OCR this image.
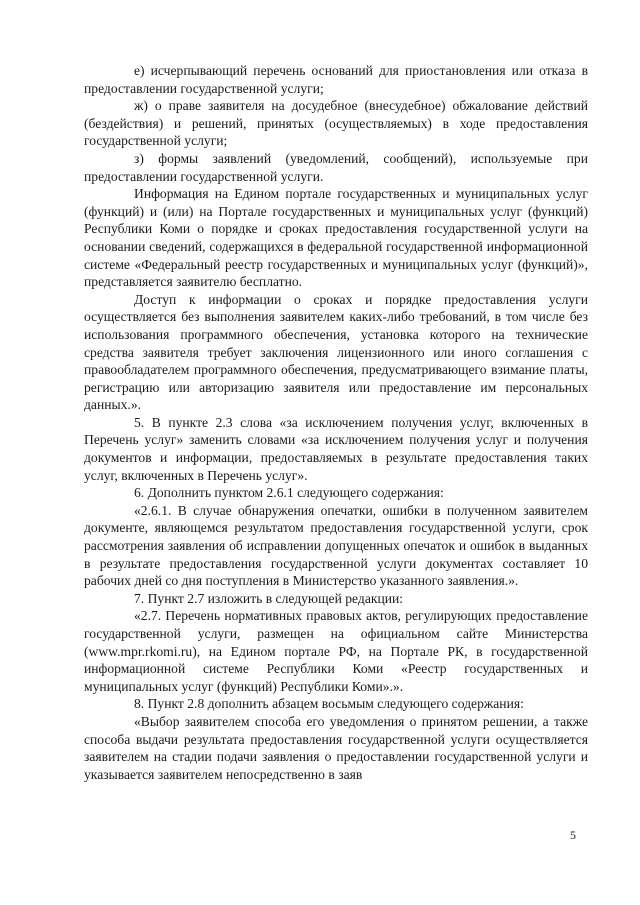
е) исчерпывающий перечень оснований для приостановления или отказа в предоставлении государственной услуги;

ж) о праве заявителя на досудебное (внесудебное) обжалование действий (бездействия) и решений, принятых (осуществляемых) в ходе предоставления государственной услуги;

з) формы заявлений (уведомлений, сообщений), используемые при предоставлении государственной услуги.

Информация на Едином портале государственных и муниципальных услуг (функций) и (или) на Портале государственных и муниципальных услуг (функций) Республики Коми о порядке и сроках предоставления государственной услуги на основании сведений, содержащихся в федеральной государственной информационной системе «Федеральный реестр государственных и муниципальных услуг (функций)», представляется заявителю бесплатно.

Доступ к информации о сроках и порядке предоставления услуги осуществляется без выполнения заявителем каких-либо требований, в том числе без использования программного обеспечения, установка которого на технические средства заявителя требует заключения лицензионного или иного соглашения с правообладателем программного обеспечения, предусматривающего взимание платы, регистрацию или авторизацию заявителя или предоставление им персональных данных.».

5. В пункте 2.3 слова «за исключением получения услуг, включенных в Перечень услуг» заменить словами «за исключением получения услуг и получения документов и информации, предоставляемых в результате предоставления таких услуг, включенных в Перечень услуг».

6. Дополнить пунктом 2.6.1 следующего содержания:

«2.6.1. В случае обнаружения опечатки, ошибки в полученном заявителем документе, являющемся результатом предоставления государственной услуги, срок рассмотрения заявления об исправлении допущенных опечаток и ошибок в выданных в результате предоставления государственной услуги документах составляет 10 рабочих дней со дня поступления в Министерство указанного заявления.».

7. Пункт 2.7 изложить в следующей редакции:

«2.7. Перечень нормативных правовых актов, регулирующих предоставление государственной услуги, размещен на официальном сайте Министерства (www.mpr.rkomi.ru), на Едином портале РФ, на Портале РК, в государственной информационной системе Республики Коми «Реестр государственных и муниципальных услуг (функций) Республики Коми».».

8. Пункт 2.8 дополнить абзацем восьмым следующего содержания:

«Выбор заявителем способа его уведомления о принятом решении, а также способа выдачи результата предоставления государственной услуги осуществляется заявителем на стадии подачи заявления о предоставлении государственной услуги и указывается заявителем непосредственно в заяв

5
